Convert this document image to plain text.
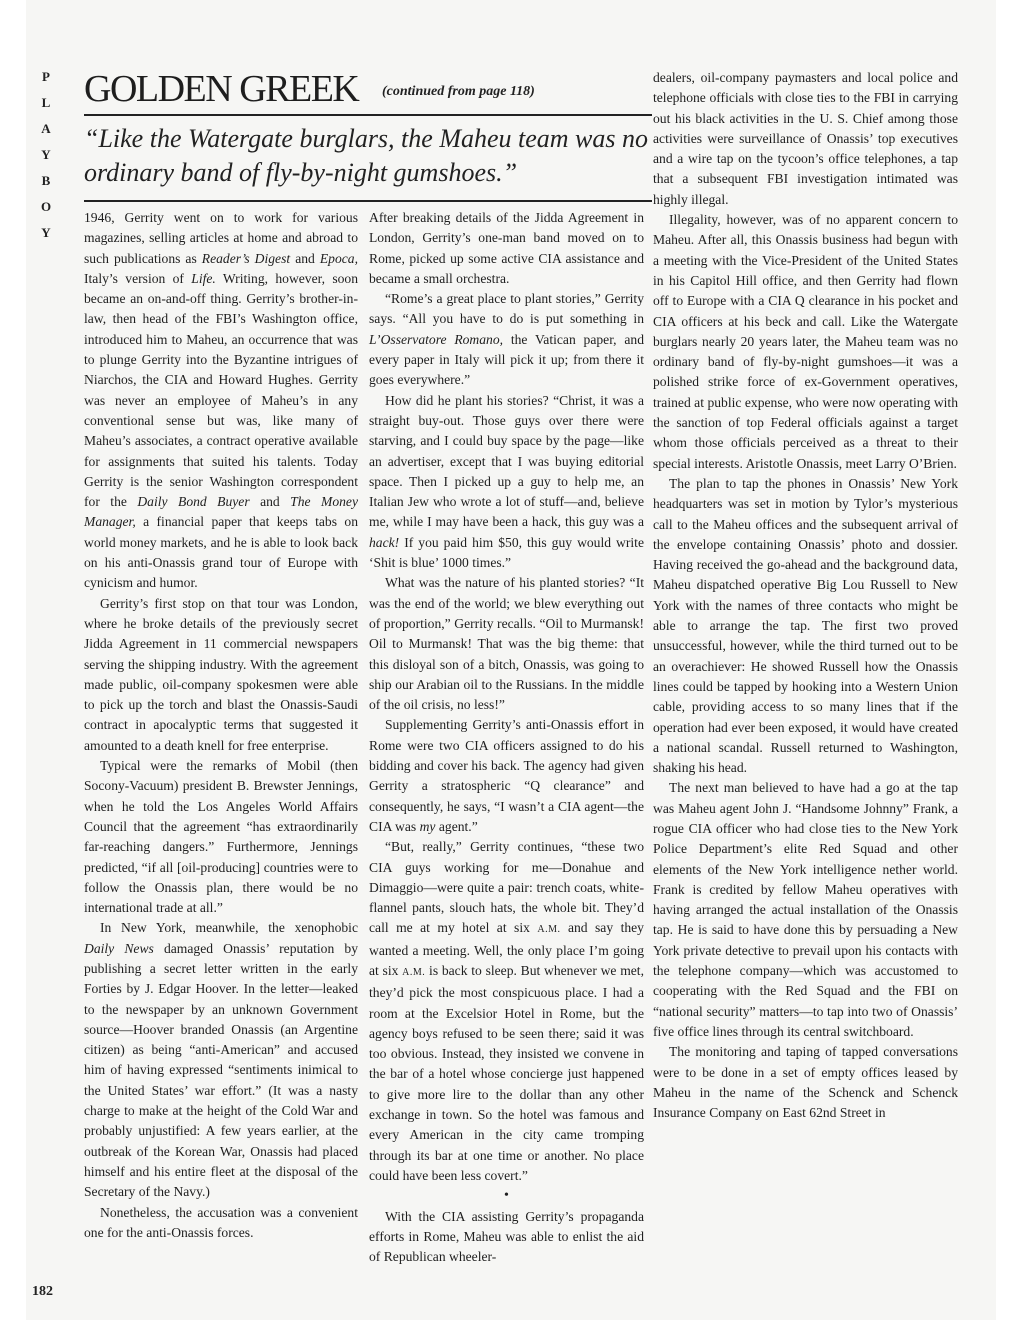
P
L
A
Y
B
O
Y
GOLDEN GREEK (continued from page 118)

“Like the Watergate burglars, the Maheu team was no ordinary band of fly-by-night gumshoes.”

1946, Gerrity went on to work for various magazines, selling articles at home and abroad to such publications as Reader’s Digest and Epoca, Italy’s version of Life. Writing, however, soon became an on-and-off thing. Gerrity’s brother-in-law, then head of the FBI’s Washington office, introduced him to Maheu, an occurrence that was to plunge Gerrity into the Byzantine intrigues of Niarchos, the CIA and Howard Hughes. Gerrity was never an employee of Maheu’s in any conventional sense but was, like many of Maheu’s associates, a contract operative available for assignments that suited his talents. Today Gerrity is the senior Washington correspondent for the Daily Bond Buyer and The Money Manager, a financial paper that keeps tabs on world money markets, and he is able to look back on his anti-Onassis grand tour of Europe with cynicism and humor.

Gerrity’s first stop on that tour was London, where he broke details of the previously secret Jidda Agreement in 11 commercial newspapers serving the shipping industry. With the agreement made public, oil-company spokesmen were able to pick up the torch and blast the Onassis-Saudi contract in apocalyptic terms that suggested it amounted to a death knell for free enterprise.

Typical were the remarks of Mobil (then Socony-Vacuum) president B. Brewster Jennings, when he told the Los Angeles World Affairs Council that the agreement “has extraordinarily far-reaching dangers.” Furthermore, Jennings predicted, “if all [oil-producing] countries were to follow the Onassis plan, there would be no international trade at all.”

In New York, meanwhile, the xenophobic Daily News damaged Onassis’ reputation by publishing a secret letter written in the early Forties by J. Edgar Hoover. In the letter—leaked to the newspaper by an unknown Government source—Hoover branded Onassis (an Argentine citizen) as being “anti-American” and accused him of having expressed “sentiments inimical to the United States’ war effort.” (It was a nasty charge to make at the height of the Cold War and probably unjustified: A few years earlier, at the outbreak of the Korean War, Onassis had placed himself and his entire fleet at the disposal of the Secretary of the Navy.)

Nonetheless, the accusation was a convenient one for the anti-Onassis forces.

After breaking details of the Jidda Agreement in London, Gerrity’s one-man band moved on to Rome, picked up some active CIA assistance and became a small orchestra.

“Rome’s a great place to plant stories,” Gerrity says. “All you have to do is put something in L’Osservatore Romano, the Vatican paper, and every paper in Italy will pick it up; from there it goes everywhere.”

How did he plant his stories? “Christ, it was a straight buy-out. Those guys over there were starving, and I could buy space by the page—like an advertiser, except that I was buying editorial space. Then I picked up a guy to help me, an Italian Jew who wrote a lot of stuff—and, believe me, while I may have been a hack, this guy was a hack! If you paid him $50, this guy would write ‘Shit is blue’ 1000 times.”

What was the nature of his planted stories? “It was the end of the world; we blew everything out of proportion,” Gerrity recalls. “Oil to Murmansk! Oil to Murmansk! That was the big theme: that this disloyal son of a bitch, Onassis, was going to ship our Arabian oil to the Russians. In the middle of the oil crisis, no less!”

Supplementing Gerrity’s anti-Onassis effort in Rome were two CIA officers assigned to do his bidding and cover his back. The agency had given Gerrity a stratospheric “Q clearance” and consequently, he says, “I wasn’t a CIA agent—the CIA was my agent.”

“But, really,” Gerrity continues, “these two CIA guys working for me—Donahue and Dimaggio—were quite a pair: trench coats, white-flannel pants, slouch hats, the whole bit. They’d call me at my hotel at six A.M. and say they wanted a meeting. Well, the only place I’m going at six A.M. is back to sleep. But whenever we met, they’d pick the most conspicuous place. I had a room at the Excelsior Hotel in Rome, but the agency boys refused to be seen there; said it was too obvious. Instead, they insisted we convene in the bar of a hotel whose concierge just happened to give more lire to the dollar than any other exchange in town. So the hotel was famous and every American in the city came tromping through its bar at one time or another. No place could have been less covert.”

•

With the CIA assisting Gerrity’s propaganda efforts in Rome, Maheu was able to enlist the aid of Republican wheeler-

dealers, oil-company paymasters and local police and telephone officials with close ties to the FBI in carrying out his black activities in the U. S. Chief among those activities were surveillance of Onassis’ top executives and a wire tap on the tycoon’s office telephones, a tap that a subsequent FBI investigation intimated was highly illegal.

Illegality, however, was of no apparent concern to Maheu. After all, this Onassis business had begun with a meeting with the Vice-President of the United States in his Capitol Hill office, and then Gerrity had flown off to Europe with a CIA Q clearance in his pocket and CIA officers at his beck and call. Like the Watergate burglars nearly 20 years later, the Maheu team was no ordinary band of fly-by-night gumshoes—it was a polished strike force of ex-Government operatives, trained at public expense, who were now operating with the sanction of top Federal officials against a target whom those officials perceived as a threat to their special interests. Aristotle Onassis, meet Larry O’Brien.

The plan to tap the phones in Onassis’ New York headquarters was set in motion by Tylor’s mysterious call to the Maheu offices and the subsequent arrival of the envelope containing Onassis’ photo and dossier. Having received the go-ahead and the background data, Maheu dispatched operative Big Lou Russell to New York with the names of three contacts who might be able to arrange the tap. The first two proved unsuccessful, however, while the third turned out to be an overachiever: He showed Russell how the Onassis lines could be tapped by hooking into a Western Union cable, providing access to so many lines that if the operation had ever been exposed, it would have created a national scandal. Russell returned to Washington, shaking his head.

The next man believed to have had a go at the tap was Maheu agent John J. “Handsome Johnny” Frank, a rogue CIA officer who had close ties to the New York Police Department’s elite Red Squad and other elements of the New York intelligence nether world. Frank is credited by fellow Maheu operatives with having arranged the actual installation of the Onassis tap. He is said to have done this by persuading a New York private detective to prevail upon his contacts with the telephone company—which was accustomed to cooperating with the Red Squad and the FBI on “national security” matters—to tap into two of Onassis’ five office lines through its central switchboard.

The monitoring and taping of tapped conversations were to be done in a set of empty offices leased by Maheu in the name of the Schenck and Schenck Insurance Company on East 62nd Street in

182
